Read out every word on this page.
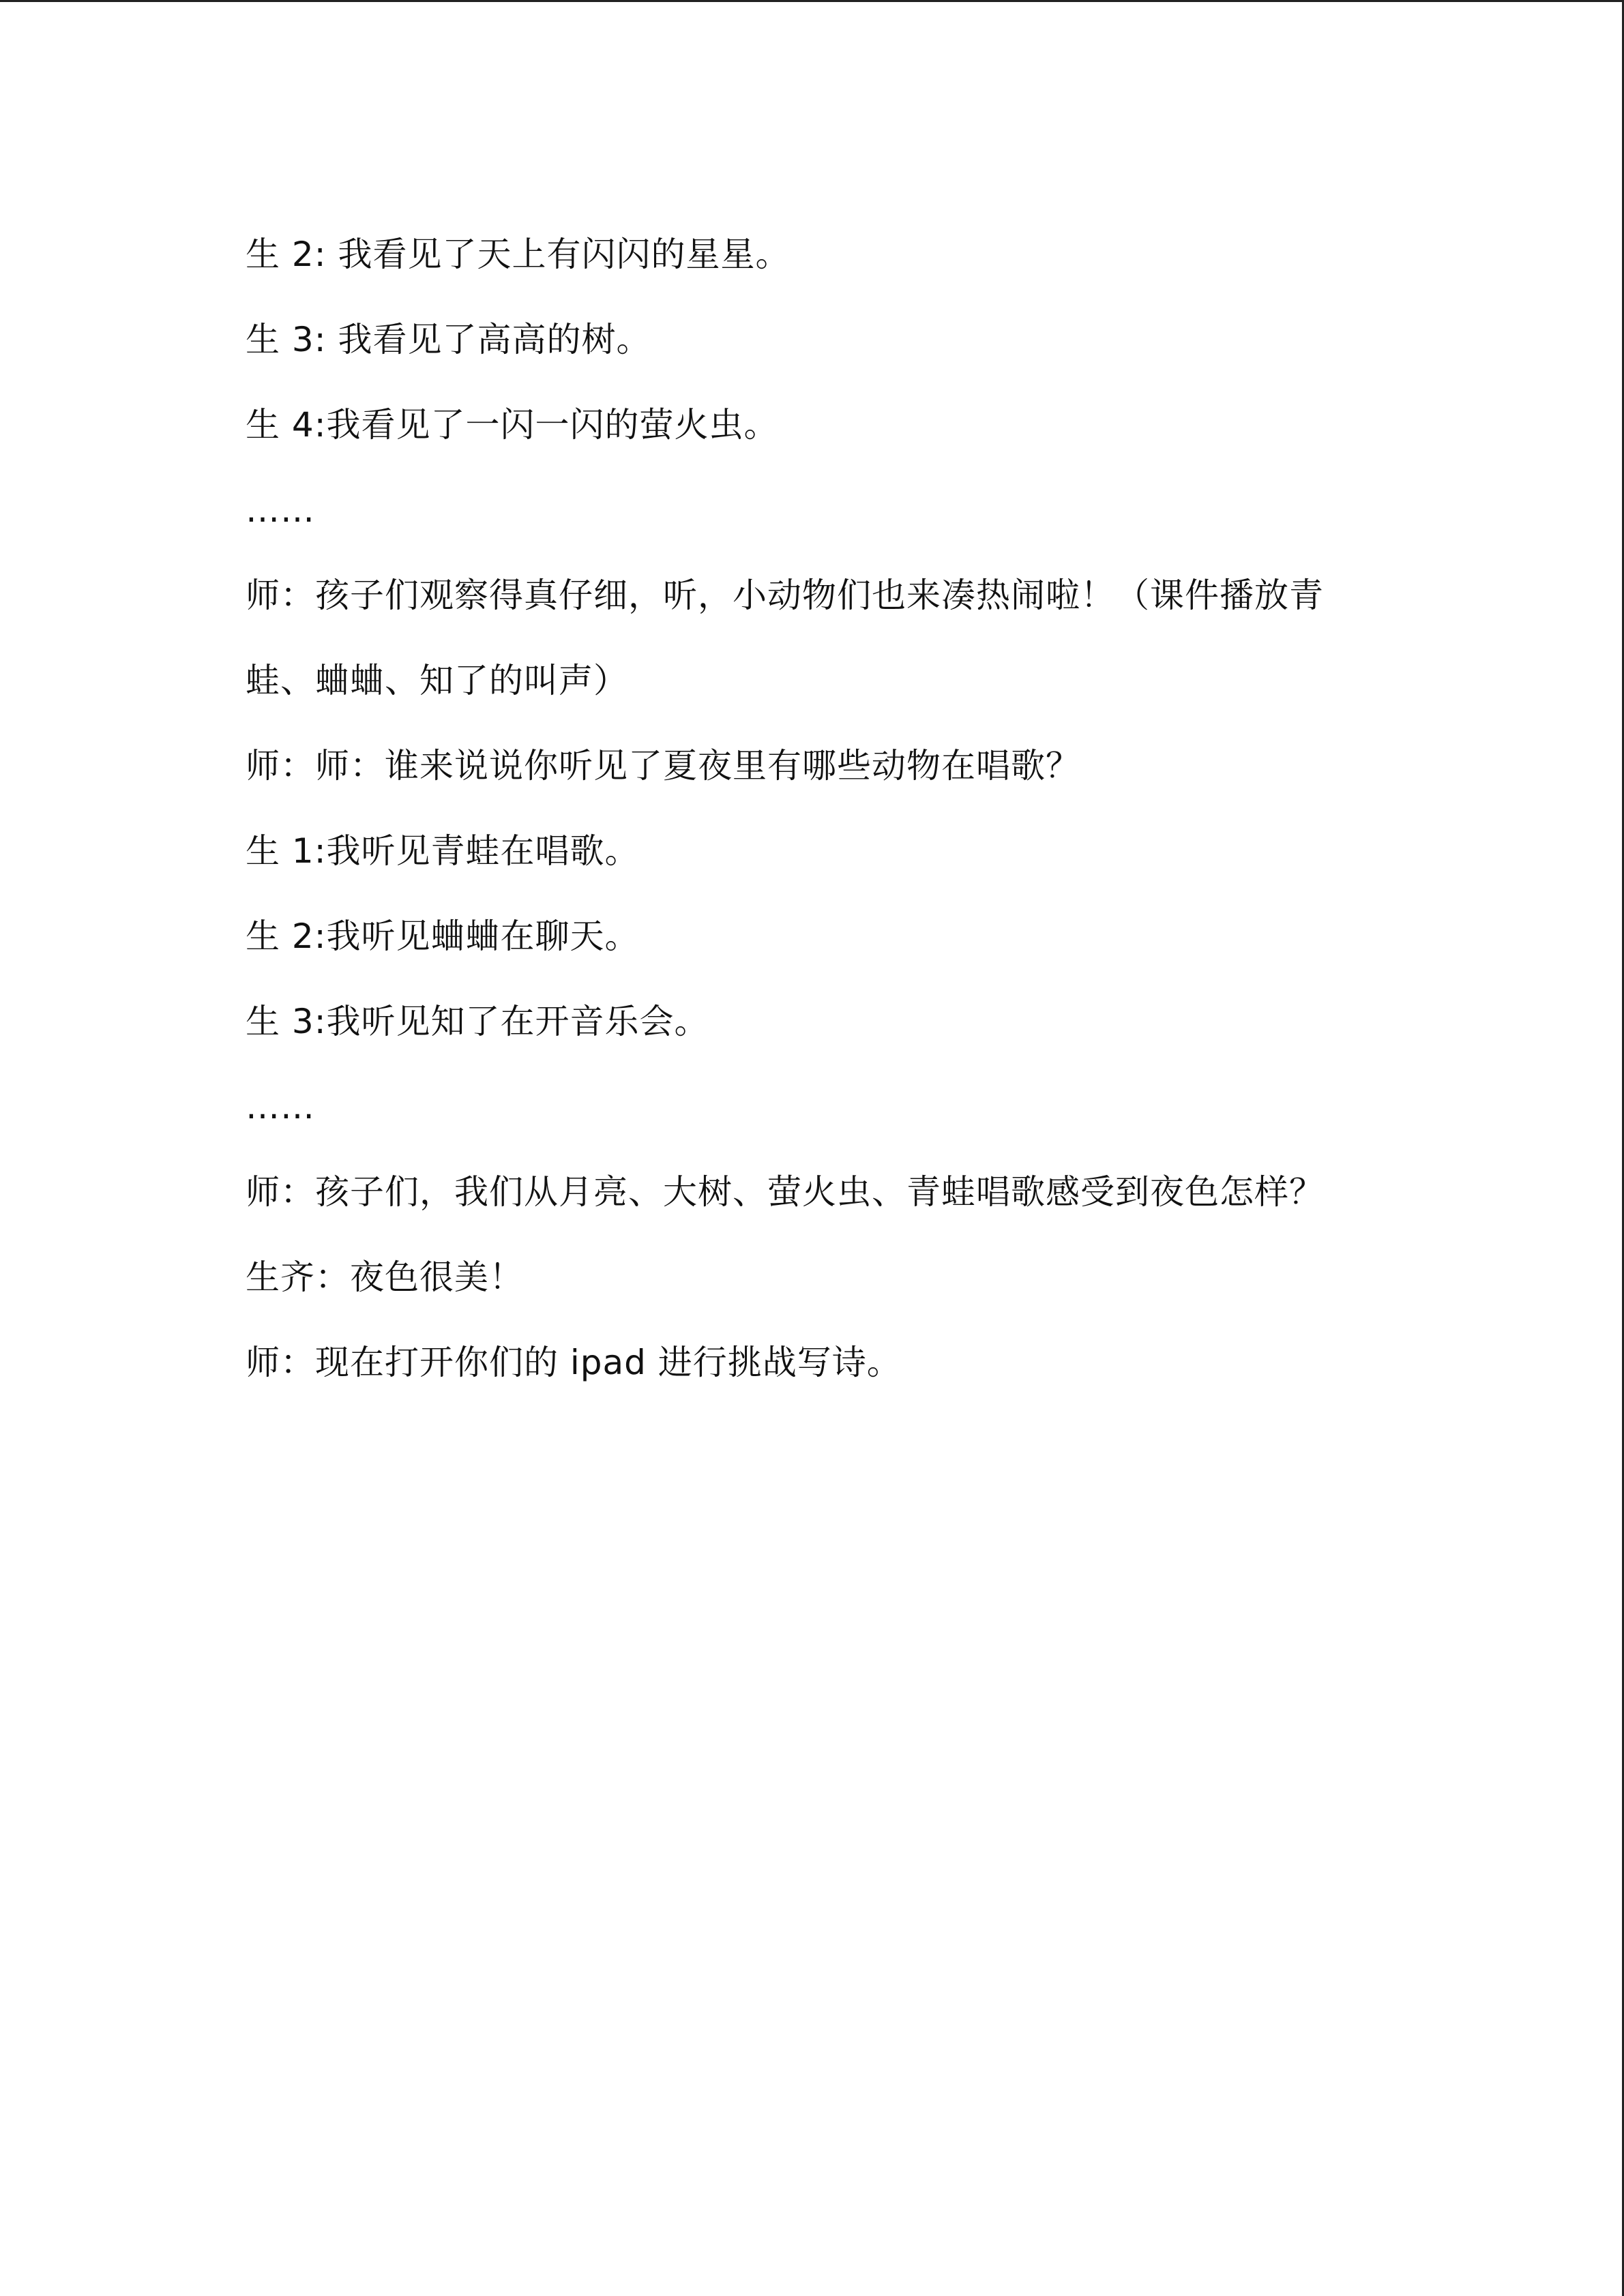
生 2: 我看见了天上有闪闪的星星。

生 3: 我看见了高高的树。

生 4:我看见了一闪一闪的萤火虫。

……

师：孩子们观察得真仔细，听，小动物们也来凑热闹啦！（课件播放青蛙、蛐蛐、知了的叫声）

师：师：谁来说说你听见了夏夜里有哪些动物在唱歌？

生 1:我听见青蛙在唱歌。

生 2:我听见蛐蛐在聊天。

生 3:我听见知了在开音乐会。

……

师：孩子们，我们从月亮、大树、萤火虫、青蛙唱歌感受到夜色怎样？

生齐：夜色很美！

师：现在打开你们的 ipad 进行挑战写诗。
